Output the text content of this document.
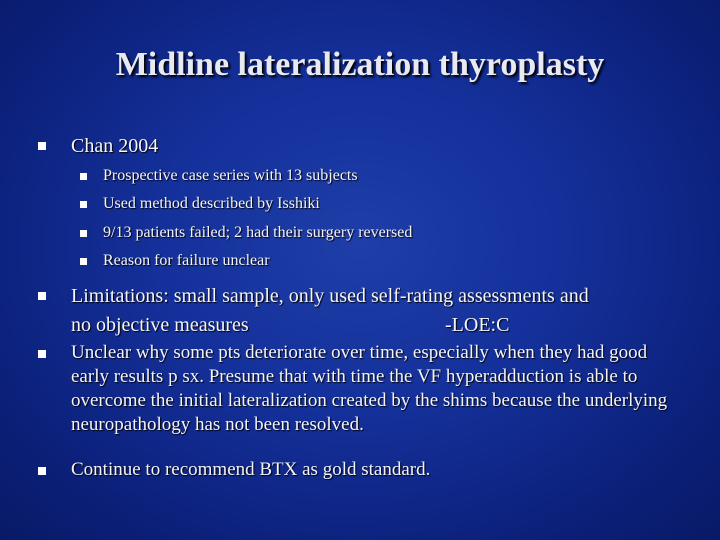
Midline lateralization thyroplasty

Chan 2004

Prospective case series with 13 subjects

Used method described by Isshiki

9/13 patients failed; 2 had their surgery reversed

Reason for failure unclear

Limitations: small sample, only used self-rating assessments and

no objective measures	-LOE:C

Unclear why some pts deteriorate over time, especially when they had good

early results p sx. Presume that with time the VF hyperadduction is able to

overcome the initial lateralization created by the shims because the underlying

neuropathology has not been resolved.

Continue to recommend BTX as gold standard.
